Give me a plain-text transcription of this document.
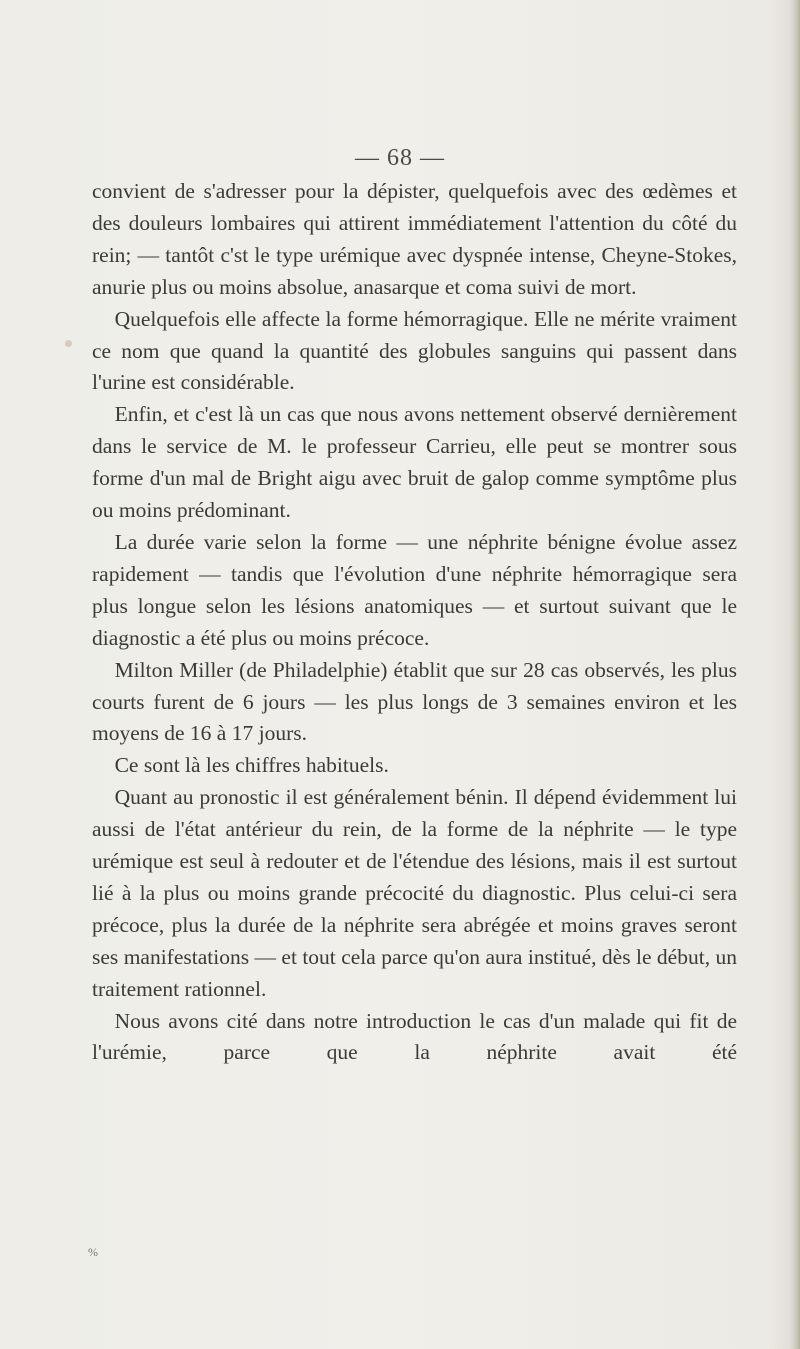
— 68 —

convient de s'adresser pour la dépister, quelquefois avec des œdèmes et des douleurs lombaires qui attirent immédiatement l'attention du côté du rein; — tantôt c'st le type urémique avec dyspnée intense, Cheyne-Stokes, anurie plus ou moins absolue, anasarque et coma suivi de mort.

Quelquefois elle affecte la forme hémorragique. Elle ne mérite vraiment ce nom que quand la quantité des globules sanguins qui passent dans l'urine est considérable.

Enfin, et c'est là un cas que nous avons nettement observé dernièrement dans le service de M. le professeur Carrieu, elle peut se montrer sous forme d'un mal de Bright aigu avec bruit de galop comme symptôme plus ou moins prédominant.

La durée varie selon la forme — une néphrite bénigne évolue assez rapidement — tandis que l'évolution d'une néphrite hémorragique sera plus longue selon les lésions anatomiques — et surtout suivant que le diagnostic a été plus ou moins précoce.

Milton Miller (de Philadelphie) établit que sur 28 cas observés, les plus courts furent de 6 jours — les plus longs de 3 semaines environ et les moyens de 16 à 17 jours.

Ce sont là les chiffres habituels.

Quant au pronostic il est généralement bénin. Il dépend évidemment lui aussi de l'état antérieur du rein, de la forme de la néphrite — le type urémique est seul à redouter et de l'étendue des lésions, mais il est surtout lié à la plus ou moins grande précocité du diagnostic. Plus celui-ci sera précoce, plus la durée de la néphrite sera abrégée et moins graves seront ses manifestations — et tout cela parce qu'on aura institué, dès le début, un traitement rationnel.

Nous avons cité dans notre introduction le cas d'un malade qui fit de l'urémie, parce que la néphrite avait été

%
